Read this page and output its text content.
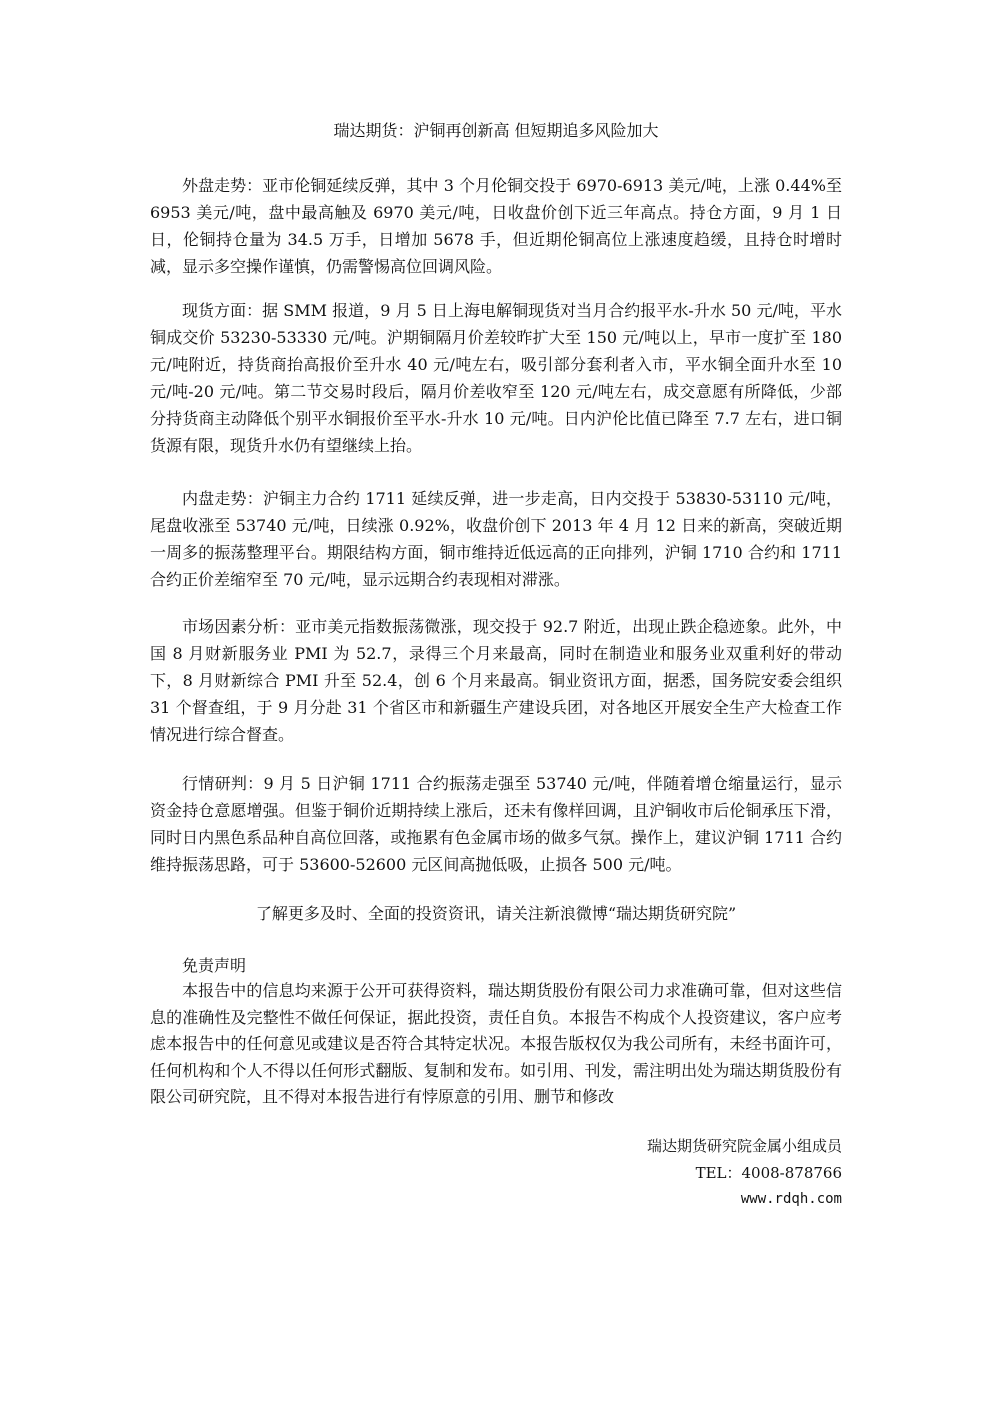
瑞达期货：沪铜再创新高 但短期追多风险加大

外盘走势：亚市伦铜延续反弹，其中 3 个月伦铜交投于 6970-6913 美元/吨，上涨 0.44%至 6953 美元/吨，盘中最高触及 6970 美元/吨，日收盘价创下近三年高点。持仓方面，9 月 1 日日，伦铜持仓量为 34.5 万手，日增加 5678 手，但近期伦铜高位上涨速度趋缓，且持仓时增时减，显示多空操作谨慎，仍需警惕高位回调风险。

现货方面：据 SMM 报道，9 月 5 日上海电解铜现货对当月合约报平水-升水 50 元/吨，平水铜成交价 53230-53330 元/吨。沪期铜隔月价差较昨扩大至 150 元/吨以上，早市一度扩至 180 元/吨附近，持货商抬高报价至升水 40 元/吨左右，吸引部分套利者入市，平水铜全面升水至 10 元/吨-20 元/吨。第二节交易时段后，隔月价差收窄至 120 元/吨左右，成交意愿有所降低，少部分持货商主动降低个别平水铜报价至平水-升水 10 元/吨。日内沪伦比值已降至 7.7 左右，进口铜货源有限，现货升水仍有望继续上抬。

内盘走势：沪铜主力合约 1711 延续反弹，进一步走高，日内交投于 53830-53110 元/吨，尾盘收涨至 53740 元/吨，日续涨 0.92%，收盘价创下 2013 年 4 月 12 日来的新高，突破近期一周多的振荡整理平台。期限结构方面，铜市维持近低远高的正向排列，沪铜 1710 合约和 1711 合约正价差缩窄至 70 元/吨，显示远期合约表现相对滞涨。

市场因素分析：亚市美元指数振荡微涨，现交投于 92.7 附近，出现止跌企稳迹象。此外，中国 8 月财新服务业 PMI 为 52.7，录得三个月来最高，同时在制造业和服务业双重利好的带动下，8 月财新综合 PMI 升至 52.4，创 6 个月来最高。铜业资讯方面，据悉，国务院安委会组织 31 个督查组，于 9 月分赴 31 个省区市和新疆生产建设兵团，对各地区开展安全生产大检查工作情况进行综合督查。

行情研判：9 月 5 日沪铜 1711 合约振荡走强至 53740 元/吨，伴随着增仓缩量运行，显示资金持仓意愿增强。但鉴于铜价近期持续上涨后，还未有像样回调，且沪铜收市后伦铜承压下滑，同时日内黑色系品种自高位回落，或拖累有色金属市场的做多气氛。操作上，建议沪铜 1711 合约维持振荡思路，可于 53600-52600 元区间高抛低吸，止损各 500 元/吨。

了解更多及时、全面的投资资讯，请关注新浪微博“瑞达期货研究院”
免责声明

本报告中的信息均来源于公开可获得资料，瑞达期货股份有限公司力求准确可靠，但对这些信息的准确性及完整性不做任何保证，据此投资，责任自负。本报告不构成个人投资建议，客户应考虑本报告中的任何意见或建议是否符合其特定状况。本报告版权仅为我公司所有，未经书面许可，任何机构和个人不得以任何形式翻版、复制和发布。如引用、刊发，需注明出处为瑞达期货股份有限公司研究院，且不得对本报告进行有悖原意的引用、删节和修改

瑞达期货研究院金属小组成员
TEL：4008-878766
www.rdqh.com
